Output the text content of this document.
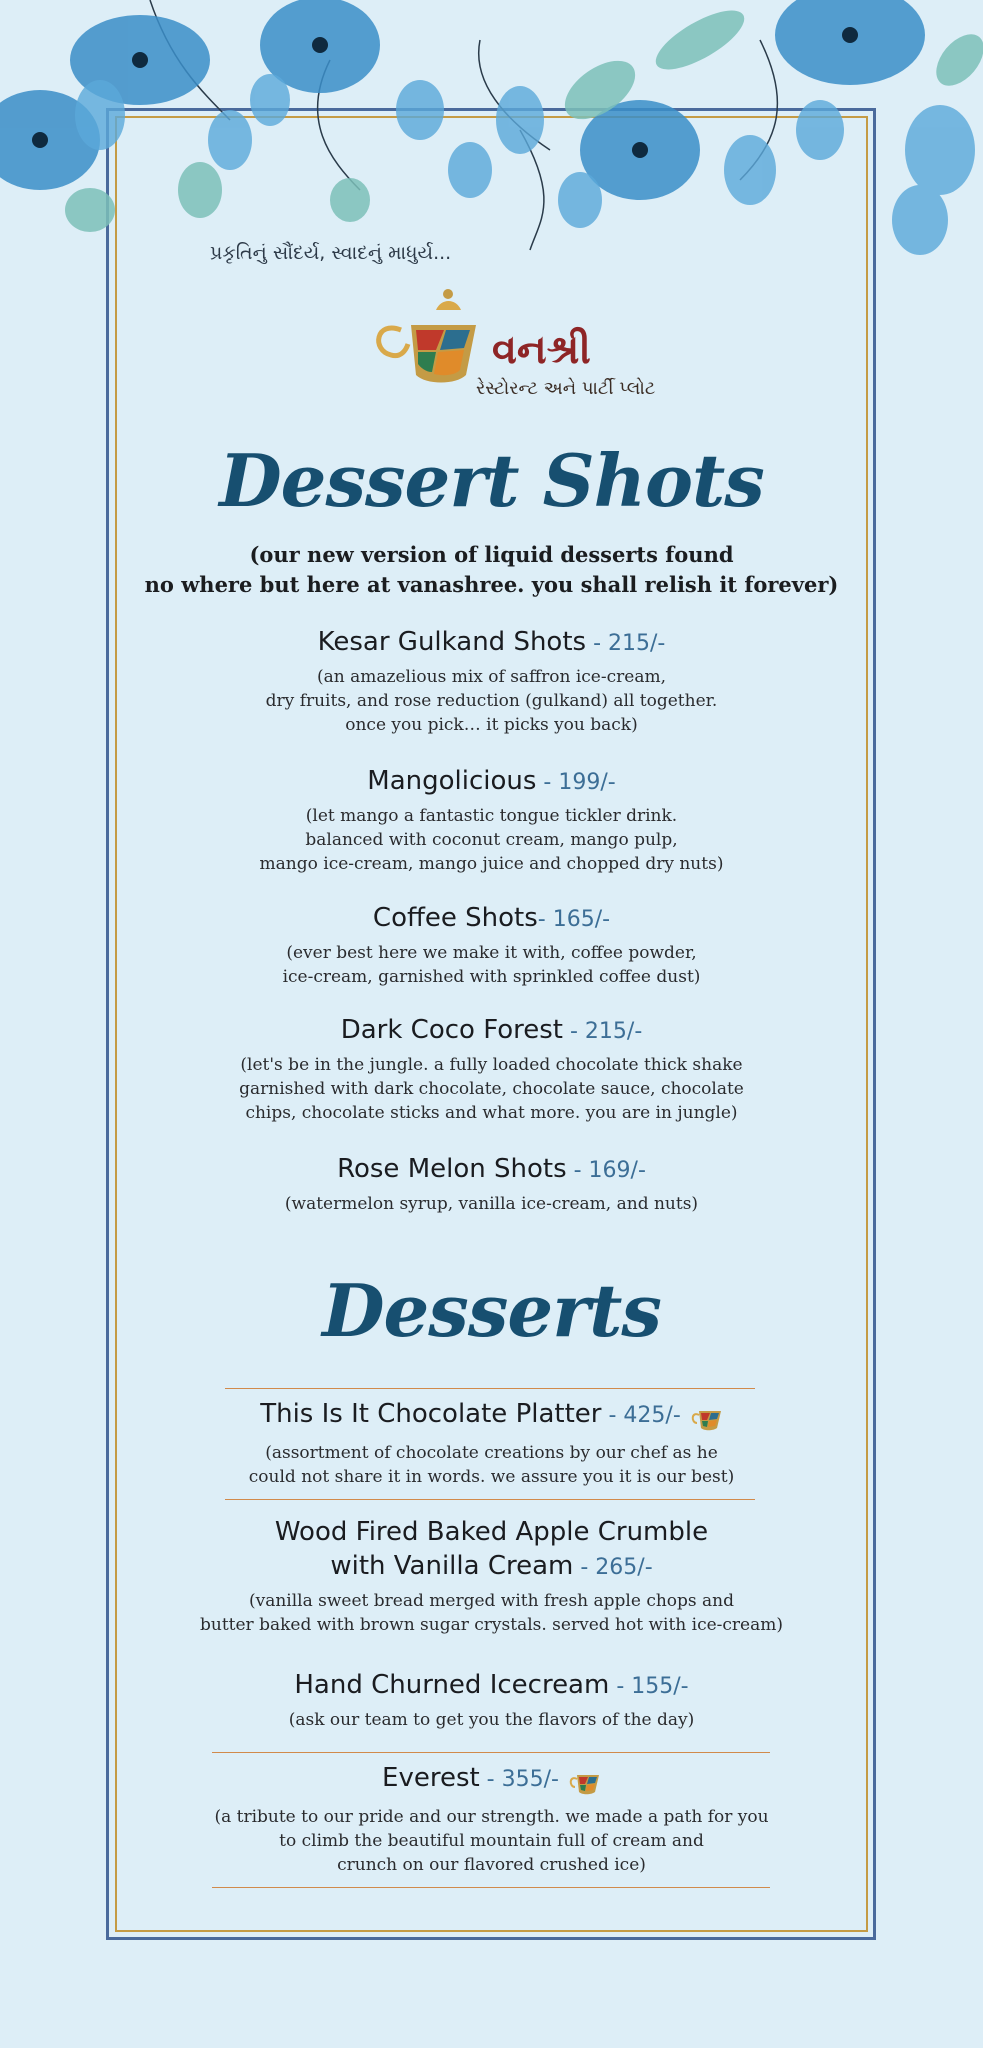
પ્રકૃતિનું સૌંદર્ય, સ્વાદનું માધુર્ય...
વનશ્રી
રેસ્ટોરન્ટ અને પાર્ટી પ્લોટ
Dessert Shots
(our new version of liquid desserts found
no where but here at vanashree. you shall relish it forever)
Kesar Gulkand Shots - 215/-
(an amazelious mix of saffron ice-cream,
dry fruits, and rose reduction (gulkand) all together.
once you pick… it picks you back)
Mangolicious - 199/-
(let mango a fantastic tongue tickler drink.
balanced with coconut cream, mango pulp,
mango ice-cream, mango juice and chopped dry nuts)
Coffee Shots- 165/-
(ever best here we make it with, coffee powder,
ice-cream, garnished with sprinkled coffee dust)
Dark Coco Forest - 215/-
(let's be in the jungle. a fully loaded chocolate thick shake
garnished with dark chocolate, chocolate sauce, chocolate
chips, chocolate sticks and what more. you are in jungle)
Rose Melon Shots - 169/-
(watermelon syrup, vanilla ice-cream, and nuts)
Desserts
This Is It Chocolate Platter - 425/-
(assortment of chocolate creations by our chef as he
could not share it in words. we assure you it is our best)
Wood Fired Baked Apple Crumble
with Vanilla Cream - 265/-
(vanilla sweet bread merged with fresh apple chops and
butter baked with brown sugar crystals. served hot with ice-cream)
Hand Churned Icecream - 155/-
(ask our team to get you the flavors of the day)
Everest - 355/-
(a tribute to our pride and our strength. we made a path for you
to climb the beautiful mountain full of cream and
crunch on our flavored crushed ice)
